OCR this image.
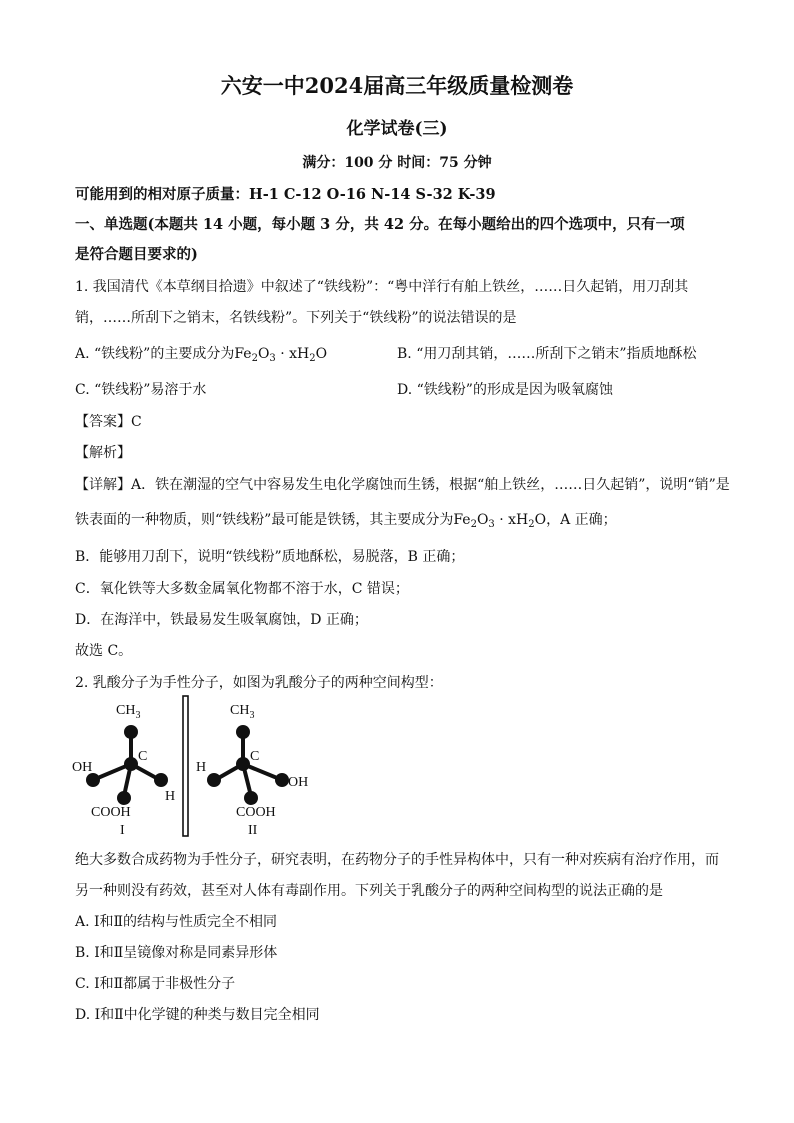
六安一中2024届高三年级质量检测卷
化学试卷(三)
满分：100 分 时间：75 分钟
可能用到的相对原子质量：H-1 C-12 O-16 N-14 S-32 K-39
一、单选题(本题共 14 小题，每小题 3 分，共 42 分。在每小题给出的四个选项中，只有一项
是符合题目要求的)
1. 我国清代《本草纲目拾遗》中叙述了“铁线粉”：“粤中洋行有舶上铁丝，……日久起销，用刀刮其
销，……所刮下之销末，名铁线粉”。下列关于“铁线粉”的说法错误的是
A. “铁线粉”的主要成分为$Fe_2O_3 \cdot xH_2O$	B. “用刀刮其销，……所刮下之销末”指质地酥松
C. “铁线粉”易溶于水	D. “铁线粉”的形成是因为吸氧腐蚀
【答案】C
【解析】
【详解】A．铁在潮湿的空气中容易发生电化学腐蚀而生锈，根据“舶上铁丝，……日久起销”，说明“销”是
铁表面的一种物质，则“铁线粉”最可能是铁锈，其主要成分为$Fe_2O_3 \cdot xH_2O$，A 正确；
B．能够用刀刮下，说明“铁线粉”质地酥松，易脱落，B 正确；
C．氧化铁等大多数金属氧化物都不溶于水，C 错误；
D．在海洋中，铁最易发生吸氧腐蚀，D 正确；
故选 C。
2. 乳酸分子为手性分子，如图为乳酸分子的两种空间构型：
$CH_3$
C
OH
H
COOH
I
$CH_3$
C
H
OH
COOH
II
绝大多数合成药物为手性分子，研究表明，在药物分子的手性异构体中，只有一种对疾病有治疗作用，而
另一种则没有药效，甚至对人体有毒副作用。下列关于乳酸分子的两种空间构型的说法正确的是
A. Ⅰ和Ⅱ的结构与性质完全不相同
B. Ⅰ和Ⅱ呈镜像对称是同素异形体
C. Ⅰ和Ⅱ都属于非极性分子
D. Ⅰ和Ⅱ中化学键的种类与数目完全相同
